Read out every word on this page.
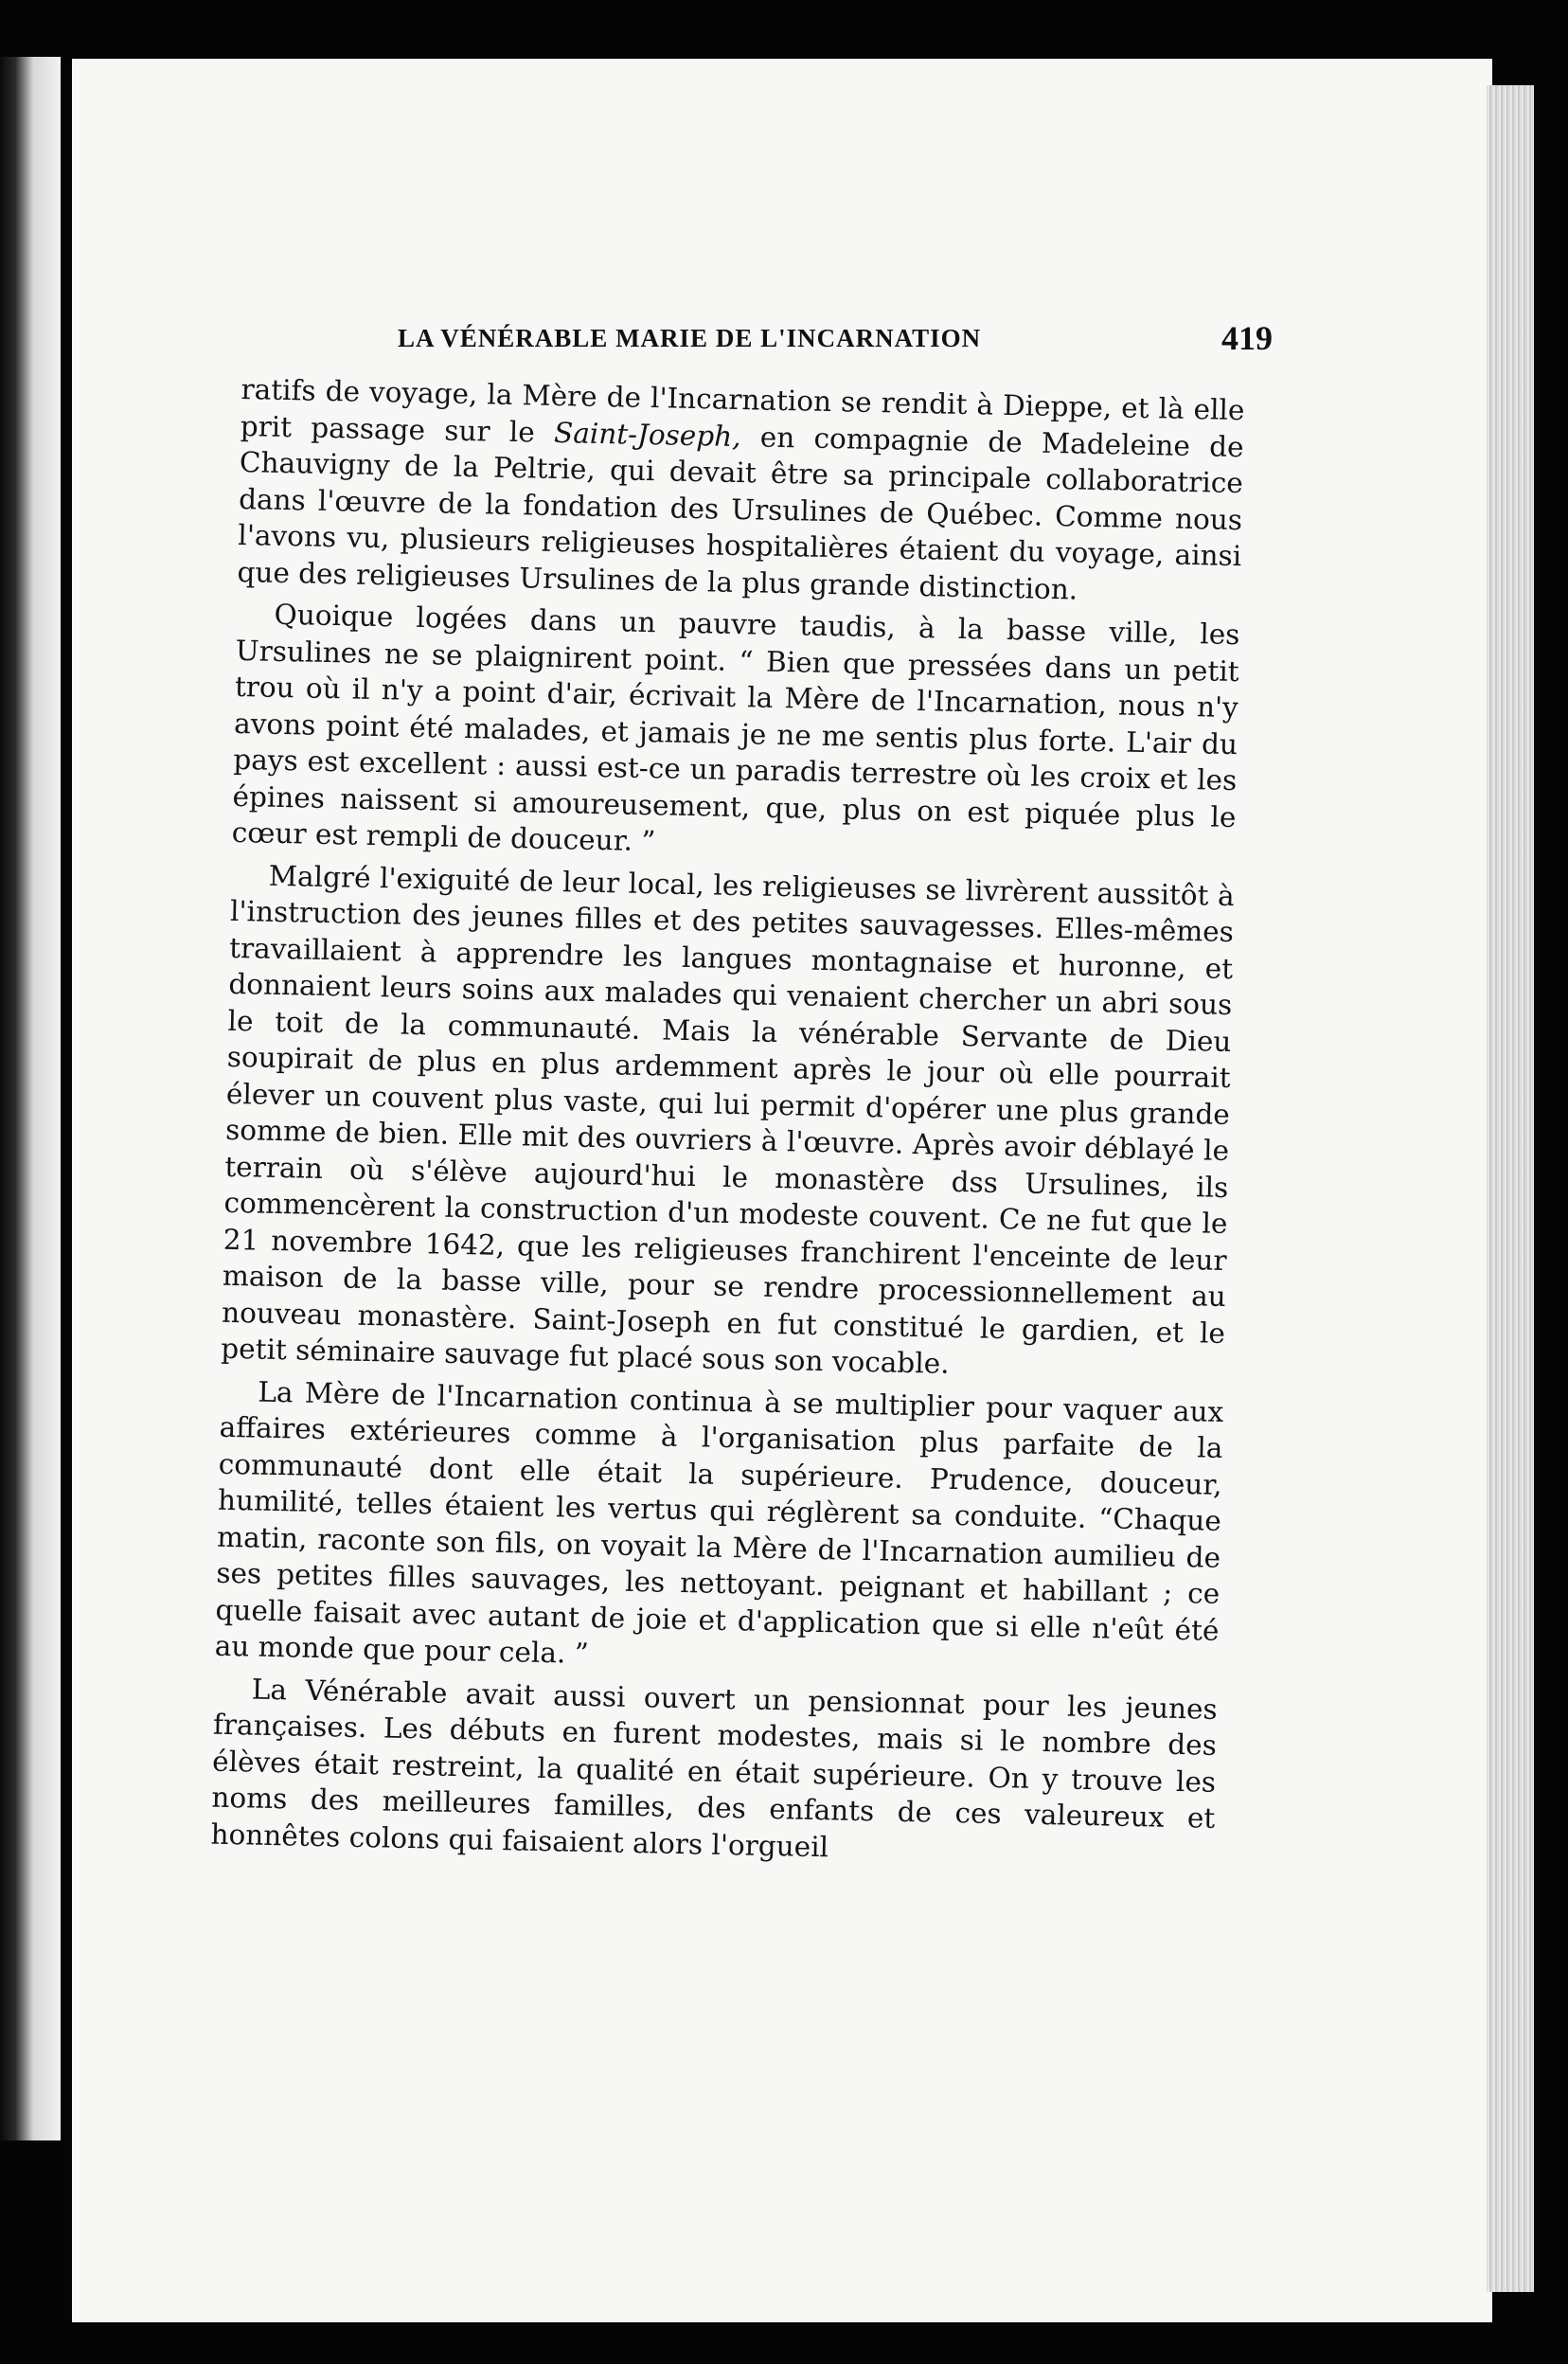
LA VÉNÉRABLE MARIE DE L'INCARNATION	419

ratifs de voyage, la Mère de l'Incarnation se rendit à Dieppe, et là elle prit passage sur le Saint-Joseph, en compagnie de Madeleine de Chauvigny de la Peltrie, qui devait être sa principale collaboratrice dans l'œuvre de la fondation des Ursulines de Québec. Comme nous l'avons vu, plusieurs religieuses hospitalières étaient du voyage, ainsi que des religieuses Ursulines de la plus grande distinction.

Quoique logées dans un pauvre taudis, à la basse ville, les Ursulines ne se plaignirent point. “ Bien que pressées dans un petit trou où il n'y a point d'air, écrivait la Mère de l'Incarnation, nous n'y avons point été malades, et jamais je ne me sentis plus forte. L'air du pays est excellent : aussi est-ce un paradis terrestre où les croix et les épines naissent si amoureusement, que, plus on est piquée plus le cœur est rempli de douceur. ”

Malgré l'exiguité de leur local, les religieuses se livrèrent aussitôt à l'instruction des jeunes filles et des petites sauvagesses. Elles-mêmes travaillaient à apprendre les langues montagnaise et huronne, et donnaient leurs soins aux malades qui venaient chercher un abri sous le toit de la communauté. Mais la vénérable Servante de Dieu soupirait de plus en plus ardemment après le jour où elle pourrait élever un couvent plus vaste, qui lui permit d'opérer une plus grande somme de bien. Elle mit des ouvriers à l'œuvre. Après avoir déblayé le terrain où s'élève aujourd'hui le monastère dss Ursulines, ils commencèrent la construction d'un modeste couvent. Ce ne fut que le 21 novembre 1642, que les religieuses franchirent l'enceinte de leur maison de la basse ville, pour se rendre processionnellement au nouveau monastère. Saint-Joseph en fut constitué le gardien, et le petit séminaire sauvage fut placé sous son vocable.

La Mère de l'Incarnation continua à se multiplier pour vaquer aux affaires extérieures comme à l'organisation plus parfaite de la communauté dont elle était la supérieure. Prudence, douceur, humilité, telles étaient les vertus qui réglèrent sa conduite. “Chaque matin, raconte son fils, on voyait la Mère de l'Incarnation aumilieu de ses petites filles sauvages, les nettoyant. peignant et habillant ; ce quelle faisait avec autant de joie et d'application que si elle n'eût été au monde que pour cela. ”

La Vénérable avait aussi ouvert un pensionnat pour les jeunes françaises. Les débuts en furent modestes, mais si le nombre des élèves était restreint, la qualité en était supérieure. On y trouve les noms des meilleures familles, des enfants de ces valeureux et honnêtes colons qui faisaient alors l'orgueil
